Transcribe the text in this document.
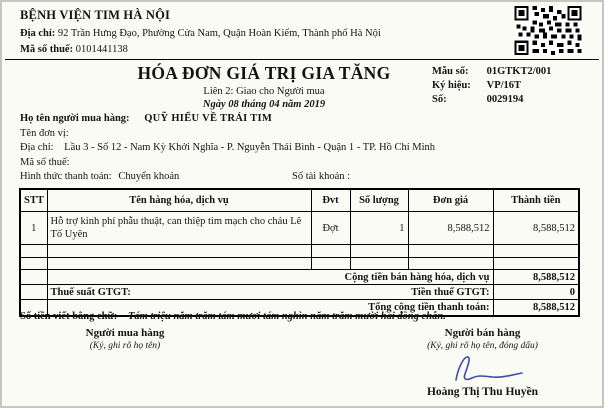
BỆNH VIỆN TIM HÀ NỘI
Địa chỉ: 92 Trần Hưng Đạo, Phường Cửa Nam, Quận Hoàn Kiếm, Thành phố Hà Nội
Mã số thuế: 0101441138
HÓA ĐƠN GIÁ TRỊ GIA TĂNG
Liên 2: Giao cho Người mua
Ngày 08 tháng 04 năm 2019
Mẫu số: 01GTKT2/001
Ký hiệu: VP/16T
Số:	0029194
Họ tên người mua hàng: QUỸ HIỂU VỀ TRÁI TIM
Tên đơn vị:
Địa chỉ: Lầu 3 - Số 12 - Nam Kỳ Khởi Nghĩa - P. Nguyễn Thái Bình - Quận 1 - TP. Hồ Chí Minh
Mã số thuế:
Hình thức thanh toán: Chuyển khoản	Số tài khoản :
STT	Tên hàng hóa, dịch vụ	Đvt	Số lượng	Đơn giá	Thành tiền
1	Hỗ trợ kinh phí phẫu thuật, can thiệp tim mạch cho cháu Lê Tố Uyên	Đợt	1	8,588,512	8,588,512

	Cộng tiền bán hàng hóa, dịch vụ				8,588,512

	Thuế suất GTGT: Tiền thuế GTGT:				0
	Tổng cộng tiền thanh toán:				8,588,512
Số tiền viết bằng chữ: Tám triệu năm trăm tám mươi tám nghìn năm trăm mười hai đồng chẵn.
Người mua hàng
(Ký, ghi rõ họ tên)
Người bán hàng
(Ký, ghi rõ họ tên, đóng dấu)
Hoàng Thị Thu Huyền
